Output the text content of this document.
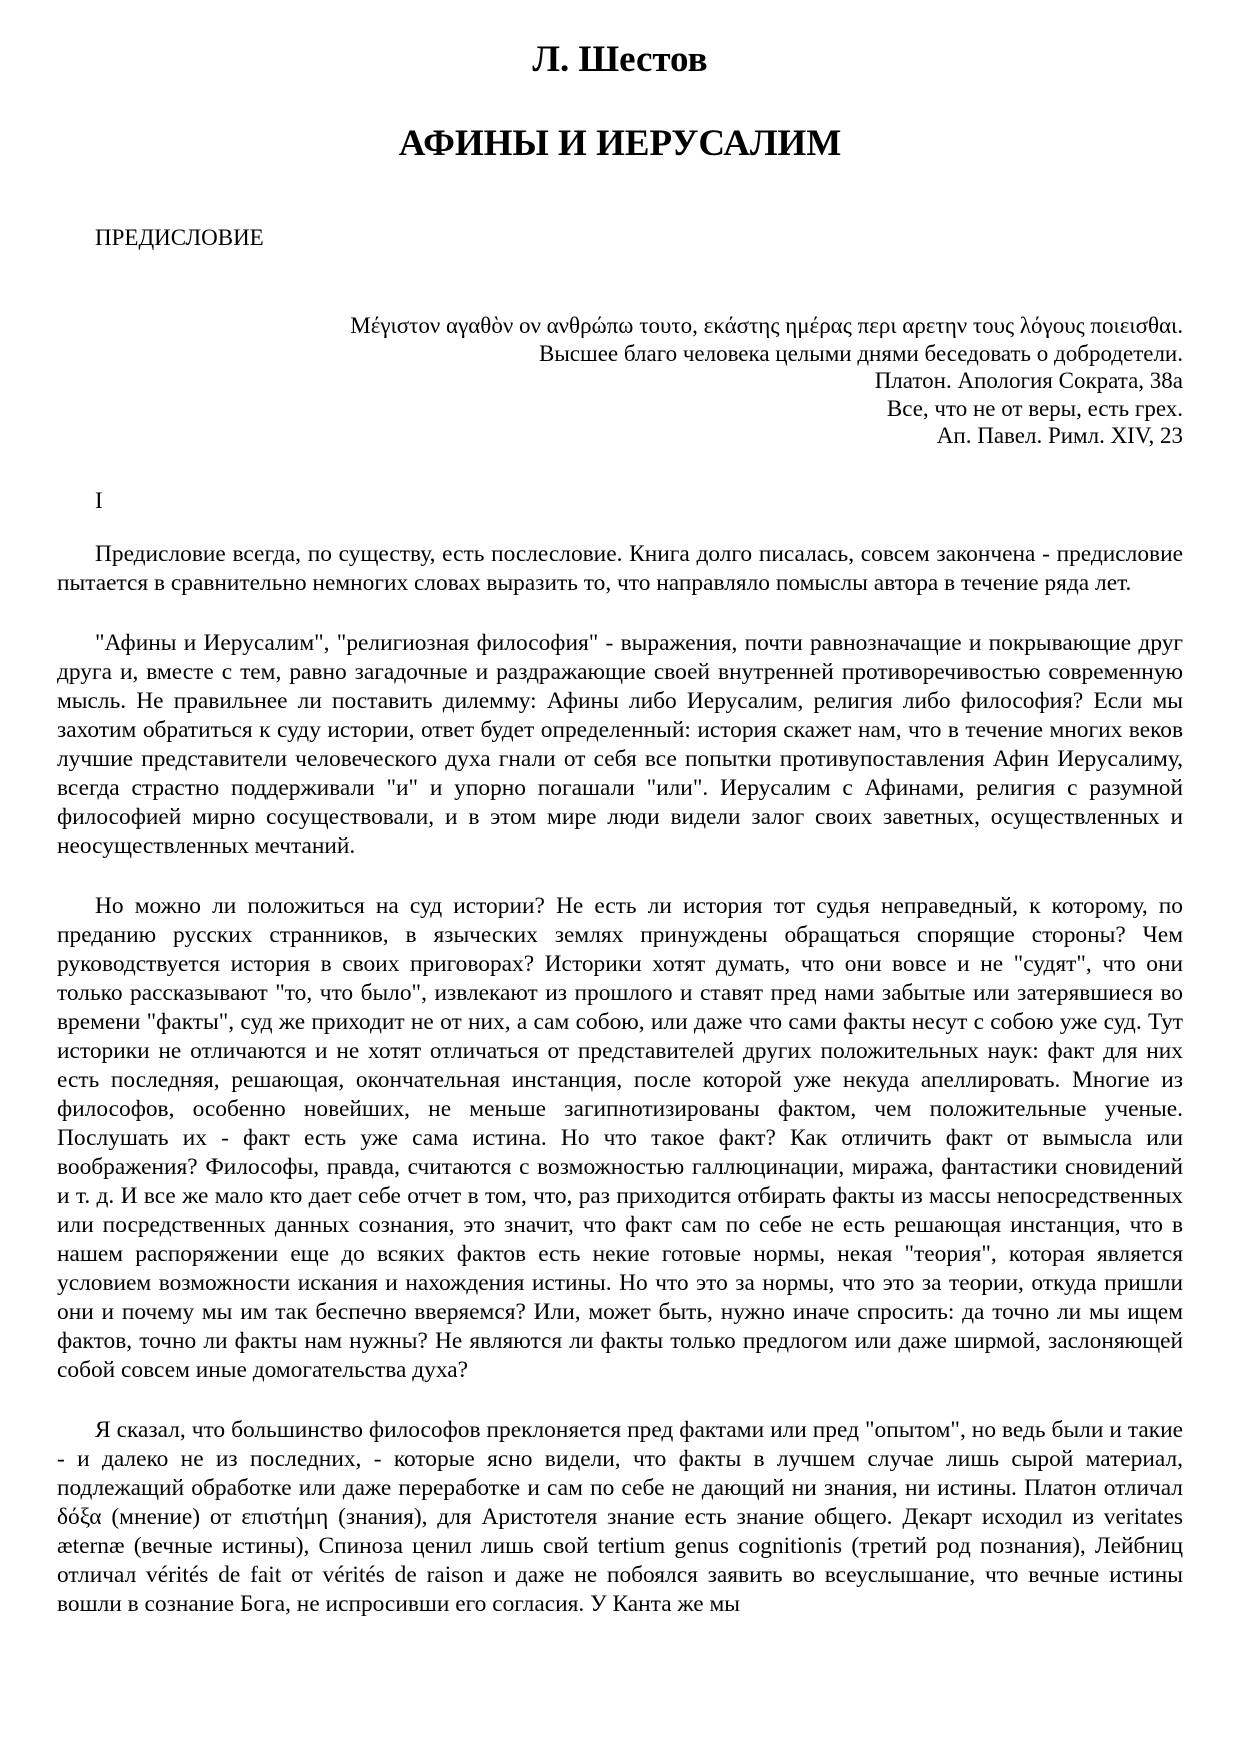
Л. Шестов
АФИНЫ И ИЕРУСАЛИМ
ПРЕДИСЛОВИЕ
Μέγιστον αγαθὸν ον ανθρώπω τουτο, εκάστης ημέρας περι αρετην τους λόγους ποιεισθαι.
Высшее благо человека целыми днями беседовать о добродетели.
Платон. Апология Сократа, 38а
Все, что не от веры, есть грех.
Ап. Павел. Римл. XIV, 23
I

Предисловие всегда, по существу, есть послесловие. Книга долго писалась, совсем закончена - предисловие пытается в сравнительно немногих словах выразить то, что направляло помыслы автора в течение ряда лет.

"Афины и Иерусалим", "религиозная философия" - выражения, почти равнозначащие и покрывающие друг друга и, вместе с тем, равно загадочные и раздражающие своей внутренней противоречивостью современную мысль. Не правильнее ли поставить дилемму: Афины либо Иерусалим, религия либо философия? Если мы захотим обратиться к суду истории, ответ будет определенный: история скажет нам, что в течение многих веков лучшие представители человеческого духа гнали от себя все попытки противупоставления Афин Иерусалиму, всегда страстно поддерживали "и" и упорно погашали "или". Иерусалим с Афинами, религия с разумной философией мирно сосуществовали, и в этом мире люди видели залог своих заветных, осуществленных и неосуществленных мечтаний.

Но можно ли положиться на суд истории? Не есть ли история тот судья неправедный, к которому, по преданию русских странников, в языческих землях принуждены обращаться спорящие стороны? Чем руководствуется история в своих приговорах? Историки хотят думать, что они вовсе и не "судят", что они только рассказывают "то, что было", извлекают из прошлого и ставят пред нами забытые или затерявшиеся во времени "факты", суд же приходит не от них, а сам собою, или даже что сами факты несут с собою уже суд. Тут историки не отличаются и не хотят отличаться от представителей других положительных наук: факт для них есть последняя, решающая, окончательная инстанция, после которой уже некуда апеллировать. Многие из философов, особенно новейших, не меньше загипнотизированы фактом, чем положительные ученые. Послушать их - факт есть уже сама истина. Но что такое факт? Как отличить факт от вымысла или воображения? Философы, правда, считаются с возможностью галлюцинации, миража, фантастики сновидений и т. д. И все же мало кто дает себе отчет в том, что, раз приходится отбирать факты из массы непосредственных или посредственных данных сознания, это значит, что факт сам по себе не есть решающая инстанция, что в нашем распоряжении еще до всяких фактов есть некие готовые нормы, некая "теория", которая является условием возможности искания и нахождения истины. Но что это за нормы, что это за теории, откуда пришли они и почему мы им так беспечно вверяемся? Или, может быть, нужно иначе спросить: да точно ли мы ищем фактов, точно ли факты нам нужны? Не являются ли факты только предлогом или даже ширмой, заслоняющей собой совсем иные домогательства духа?

Я сказал, что большинство философов преклоняется пред фактами или пред "опытом", но ведь были и такие - и далеко не из последних, - которые ясно видели, что факты в лучшем случае лишь сырой материал, подлежащий обработке или даже переработке и сам по себе не дающий ни знания, ни истины. Платон отличал δόξα (мнение) от επιστήμη (знания), для Аристотеля знание есть знание общего. Декарт исходил из veritates æternæ (вечные истины), Спиноза ценил лишь свой tertium genus cognitionis (третий род познания), Лейбниц отличал vérités de fait от vérités de raison и даже не побоялся заявить во всеуслышание, что вечные истины вошли в сознание Бога, не испросивши его согласия. У Канта же мы
